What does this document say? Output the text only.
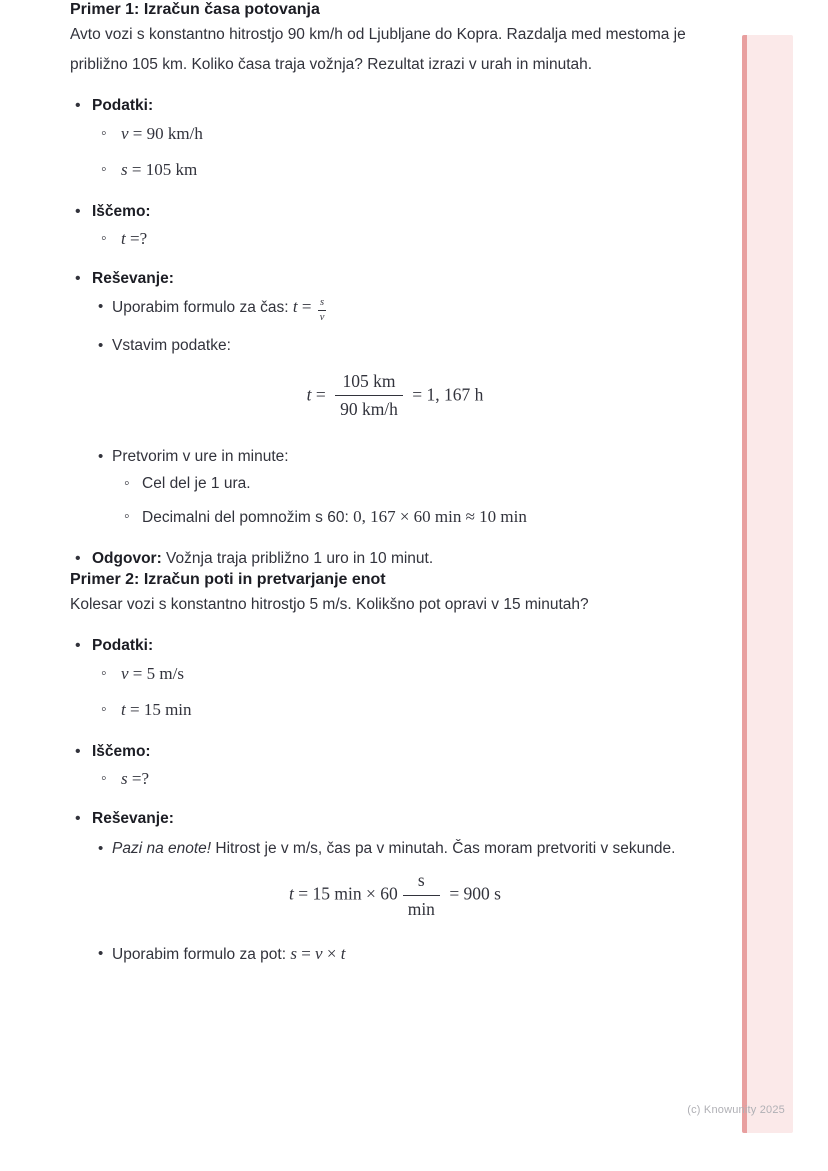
Primer 1: Izračun časa potovanja

Avto vozi s konstantno hitrostjo 90 km/h od Ljubljane do Kopra. Razdalja med mestoma je približno 105 km. Koliko časa traja vožnja? Rezultat izrazi v urah in minutah.

• Podatki:
◦ v = 90 km/h
◦ s = 105 km
• Iščemo:
◦ t =?
• Reševanje:
• Uporabim formulo za čas: $t = \frac{s}{v}$
• Vstavim podatke:
$t = \frac{105 km}{90 km/h} = 1$, 167 h
• Pretvorim v ure in minute:
◦ Cel del je 1 ura.
◦ Decimalni del pomnožim s 60: 0, 167 × 60 min ≈ 10 min
• Odgovor: Vožnja traja približno 1 uro in 10 minut.
Primer 2: Izračun poti in pretvarjanje enot

Kolesar vozi s konstantno hitrostjo 5 m/s. Kolikšno pot opravi v 15 minutah?

• Podatki:
◦ v = 5 m/s
◦ t = 15 min
• Iščemo:
◦ s =?
• Reševanje:
• Pazi na enote! Hitrost je v m/s, čas pa v minutah. Čas moram pretvoriti v sekunde.
t = 15 $\min \times 60 \frac{s}{\min} = 900$ s
• Uporabim formulo za pot: s = v × t
(c) Knowunity 2025
